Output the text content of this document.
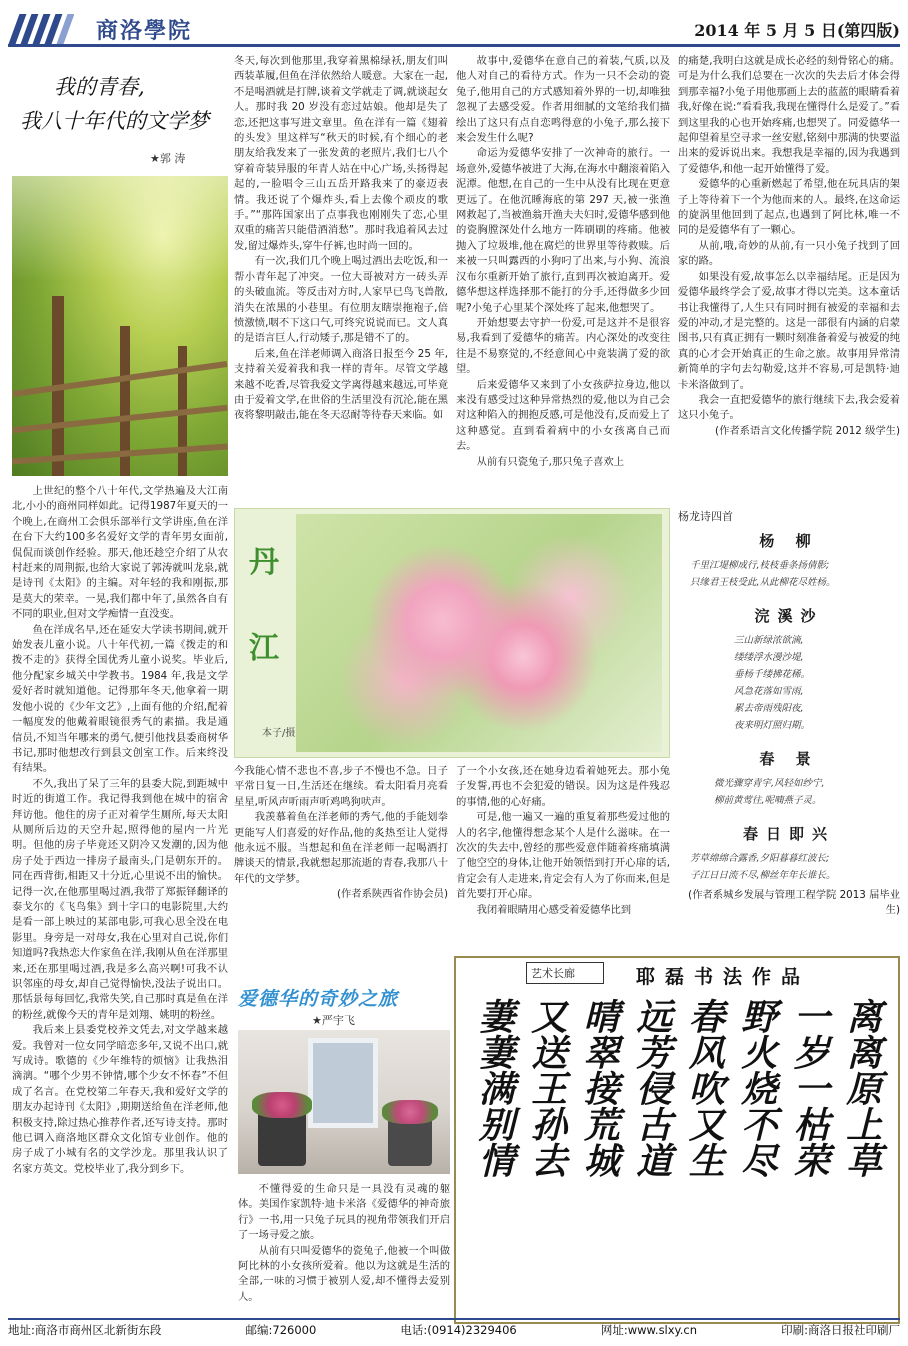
商洛學院	2014 年 5 月 5 日(第四版)
我的青春,
我八十年代的文学梦
★郭 涛

上世纪的整个八十年代,文学热遍及大江南北,小小的商州同样如此。记得1987年夏天的一个晚上,在商州工会俱乐部举行文学讲座,鱼在洋在台下大约100多名爱好文学的青年男女面前,侃侃而谈创作经验。那天,他还趁空介绍了从农村赶来的周荆振,也给大家说了郭涛就叫龙泉,就是诗刊《太阳》的主编。对年轻的我和刚振,那是莫大的荣幸。一晃,我们都中年了,虽然各自有不同的职业,但对文学痴情一直没变。

鱼在洋成名早,还在延安大学读书期间,就开始发表儿童小说。八十年代初,一篇《拨走的和拨不走的》获得全国优秀儿童小说奖。毕业后,他分配家乡城关中学教书。1984 年,我是文学爱好者时就知道他。记得那年冬天,他拿着一期发他小说的《少年文艺》,上面有他的介绍,配着一幅度发的他戴着眼镜很秀气的素描。我是通信员,不知当年哪来的勇气,便引他找县委商树华书记,那时他想改行到县文创室工作。后来终没有结果。

不久,我出了呆了三年的县委大院,到距城中时近的街道工作。我记得我到他在城中的宿舍拜访他。他住的房子正对着学生厕所,每天太阳从厕所后边的天空升起,照得他的屋内一片光明。但他的房子毕竟还又阴冷又发潮的,因为他房子处于西边一排房子最南头,门是朝东开的。同在西背街,相距又十分近,心里说不出的愉快。记得一次,在他那里喝过酒,我带了郑振铎翻译的泰戈尔的《飞鸟集》到十字口的电影院里,大约是看一部上映过的某部电影,可我心思全没在电影里。身旁是一对母女,我在心里对自己说,你们知道吗?我热恋大作家鱼在洋,我刚从鱼在洋那里来,还在那里喝过酒,我是多么高兴啊!可我不认识邻座的母女,却自己觉得愉快,没法子说出口。那恬景每每回忆,我常失笑,自己那时真是鱼在洋的粉丝,就像今天的青年是刘翔、姚明的粉丝。

我后来上县委党校养文凭去,对文学越来越爱。我曾对一位女同学暗恋多年,又说不出口,就写成诗。歌德的《少年维特的烦恼》让我热泪滴漓。“哪个少男不钟情,哪个少女不怀春”不但成了名言。在党校第二年春天,我和爱好文学的朋友办起诗刊《太阳》,期期送给鱼在洋老师,他积极支持,除过热心推荐作者,还写诗支持。那时他已调入商洛地区群众文化馆专业创作。他的房子成了小城有名的文学沙龙。那里我认识了名家方英文。党校毕业了,我分到乡下。

冬天,每次到他那里,我穿着黑棉绿袄,朋友们叫西装革履,但鱼在洋依然给人暖意。大家在一起,不是喝酒就是打牌,谈着文学就走了调,就谈起女人。那时我 20 岁没有恋过姑娘。他却是失了恋,还把这事写进文章里。鱼在洋有一篇《翅着的头发》里这样写“秋天的时候,有个细心的老朋友给我发来了一张发黄的老照片,我们七八个穿着奇装异服的年青人站在中心广场,头扬得起起的,一脸唱令三山五岳开路我来了的豪迈表情。我还说了个爆炸头,看上去像个顽皮的歌手。”“那阵国家出了点事我也刚刚失了恋,心里双重的痛苦只能借酒消愁”。那时我追着风去过发,留过爆炸头,穿牛仔裤,也时尚一回的。

有一次,我们几个晚上喝过酒出去吃饭,和一帮小青年起了冲突。一位大哥被对方一砖头弄的头破血流。等反击对方时,人家早已鸟飞兽散,消失在浓黑的小巷里。有位朋友瞎崇拖袍子,倍愤激愤,咽不下这口气,可终究说说而已。文人真的是语言巨人,行动矮子,那是错不了的。

后来,鱼在洋老师调入商洛日报至今 25 年,支持着关爱着我和我一样的青年。尽管文学越来越不吃香,尽管我爱文学离得越来越远,可毕竟由于爱着文学,在世俗的生活里没有沉沦,能在黑夜将黎明敲击,能在冬天忍耐等待春天来临。如

今我能心情不悲也不喜,步子不慢也不急。日子平常日复一日,生活还在继续。看太阳看月亮看星星,听风声听雨声听鸡鸣狗吠声。

我羡慕着鱼在洋老师的秀气,他的手能划拳更能写人们喜爱的好作品,他的炙热至让人觉得他永远不服。当想起和鱼在洋老师一起喝酒打牌谈天的情景,我就想起那流逝的青春,我那八十年代的文学梦。

(作者系陕西省作协会员)

故事中,爱德华在意自己的着装,气质,以及他人对自己的看待方式。作为一只不会动的瓷兔子,他用自己的方式感知着外界的一切,却唯独忽视了去感受爱。作者用细腻的文笔给我们描绘出了这只有点自恋鸣得意的小兔子,那么接下来会发生什么呢?

命运为爱德华安排了一次神奇的旅行。一场意外,爱德华被进了大海,在海水中翻滚着陷入泥潭。他想,在自己的一生中从没有比现在更意更远了。在他沉睡海底的第 297 天,被一张渔网救起了,当被渔翁开渔夫夫妇时,爱德华感到他的瓷胸膛深处什么地方一阵刷刷的疼痛。他被抛入了垃圾堆,他在腐烂的世界里等待救赎。后来被一只叫露西的小狗叼了出来,与小狗、流浪汉布尔重新开始了旅行,直到再次被迫离开。爱德华想这样选择那不能打的分手,还得做多少回呢?小兔子心里某个深处疼了起来,他想哭了。

开始想要去守护一份爱,可是这并不是很容易,我看到了爱德华的痛苦。内心深处的改变往往是不易察觉的,不经意间心中竟装满了爱的欲望。

后来爱德华又来到了小女孩萨拉身边,他以来没有感受过这种异常热烈的爱,他以为自己会对这种陷入的拥抱反感,可是他没有,反而爱上了这种感觉。直到看着病中的小女孩离自己而去。

从前有只瓷兔子,那只兔子喜欢上

的痛楚,我明白这就是成长必经的刻骨铭心的痛。可是为什么我们总要在一次次的失去后才体会得到那幸福?小兔子用他那画上去的蓝蓝的眼睛看着我,好像在说:“看看我,我现在懂得什么是爱了。”看到这里我的心也开始疼痛,也想哭了。同爱德华一起仰望着星空寻求一丝安慰,铭刻中那满的快要溢出来的爱诉说出来。我想我是幸福的,因为我遇到了爱德华,和他一起开始懂得了爱。

爱德华的心重新燃起了希望,他在玩具店的架子上等待着下一个为他而来的人。最终,在这命运的旋涡里他回到了起点,也遇到了阿比林,唯一不同的是爱德华有了一颗心。

从前,哦,奇妙的从前,有一只小兔子找到了回家的路。

如果没有爱,故事怎么以幸福结尾。正是因为爱德华最终学会了爱,故事才得以完美。这本童话书让我懂得了,人生只有同时拥有被爱的幸福和去爱的冲动,才是完整的。这是一部很有内涵的启蒙图书,只有真正拥有一颗时刻准备着爱与被爱的纯真的心才会开始真正的生命之旅。故事用异常清新简单的字句去勾勒爱,这并不容易,可是凯特·迪卡米洛做到了。

我会一直把爱德华的旅行继续下去,我会爱着这只小兔子。

(作者系语言文化传播学院 2012 级学生)

丹
江
本子/摄

了一个小女孩,还在她身边看着她死去。那小兔子发誓,再也不会犯爱的错误。因为这是件残忍的事情,他的心好痛。

可是,他一遍又一遍的重复着那些爱过他的人的名字,他懂得想念某个人是什么滋味。在一次次的失去中,曾经的那些爱意伴随着疼痛填满了他空空的身体,让他开始领悟到打开心扉的话,肯定会有人走进来,肯定会有人为了你而来,但是首先要打开心扉。

我闭着眼睛用心感受着爱德华比到

杨龙诗四首
杨 柳
千里江堤柳成行,枝枝垂条扬倩影;
只缘君王枝受此,从此柳花尽姓杨。
浣溪沙
三山新绿浓欲滴,
缕缕浮水漫沙堤,
垂杨千缕拂花稀。
风急花落如雪雨,
累去帝雨残阳夜,
夜来明灯照归期。
春 景
微光骤穿青宇,风轻如纱宁,
柳前黄莺往,呢喃燕子灵。
春日即兴
芳草绵绵合露香,夕阳暮暮红波长;
子江日日流不尽,柳丝年年长谁长。
(作者系城乡发展与管理工程学院 2013 届毕业生)
爱德华的奇妙之旅
★严宇飞

不懂得爱的生命只是一具没有灵魂的躯体。美国作家凯特·迪卡米洛《爱德华的神奇旅行》一书,用一只兔子玩具的视角带领我们开启了一场寻爱之旅。

从前有只叫爱德华的瓷兔子,他被一个叫做阿比林的小女孩所爱着。他以为这就是生活的全部,一味的习惯于被别人爱,却不懂得去爱别人。

艺术长廊	耶磊书法作品
离离原上草
一岁一枯荣
野火烧不尽
春风吹又生
远芳侵古道
晴翠接荒城
又送王孙去
萋萋满别情
地址:商洛市商州区北新街东段	邮编:726000	电话:(0914)2329406	网址:www.slxy.cn	印刷:商洛日报社印刷厂
